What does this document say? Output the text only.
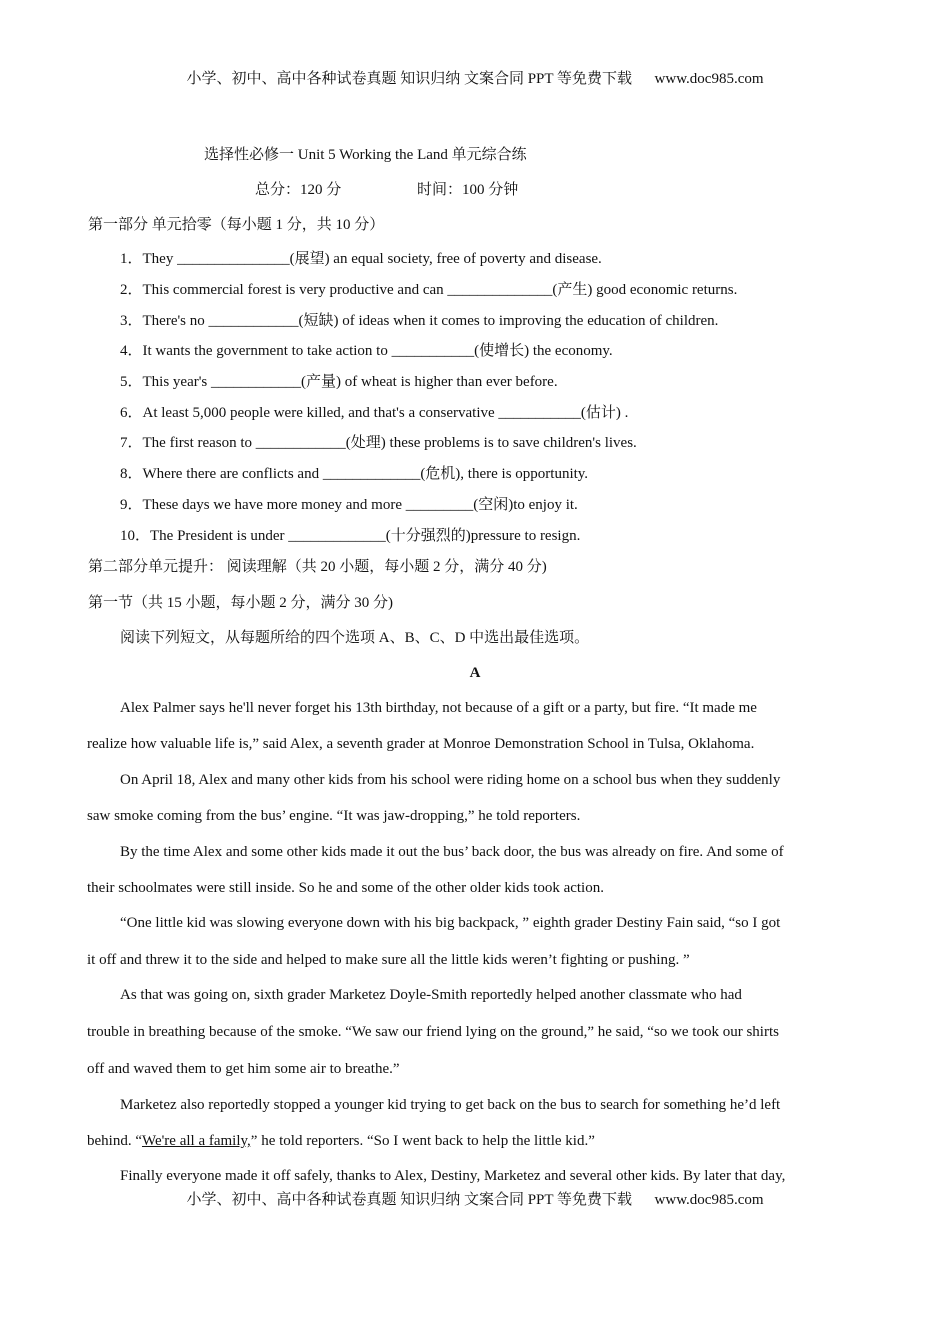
小学、初中、高中各种试卷真题 知识归纳 文案合同 PPT 等免费下载 www.doc985.com
选择性必修一 Unit 5 Working the Land 单元综合练
总分：120 分	时间：100 分钟
第一部分 单元拾零（每小题 1 分，共 10 分）
1．They _______________(展望) an equal society, free of poverty and disease.
2．This commercial forest is very productive and can ______________(产生) good economic returns.
3．There's no ____________(短缺) of ideas when it comes to improving the education of children.
4．It wants the government to take action to ___________(使增长) the economy.
5．This year's ____________(产量) of wheat is higher than ever before.
6．At least 5,000 people were killed, and that's a conservative ___________(估计) .
7．The first reason to ____________(处理) these problems is to save children's lives.
8．Where there are conflicts and _____________(危机), there is opportunity.
9．These days we have more money and more _________(空闲)to enjoy it.
10．The President is under _____________(十分强烈的)pressure to resign.
第二部分单元提升： 阅读理解（共 20 小题，每小题 2 分，满分 40 分)
第一节（共 15 小题，每小题 2 分，满分 30 分)
阅读下列短文，从每题所给的四个选项 A、B、C、D 中选出最佳选项。
A
Alex Palmer says he'll never forget his 13th birthday, not because of a gift or a party, but fire. “It made me
realize how valuable life is,” said Alex, a seventh grader at Monroe Demonstration School in Tulsa, Oklahoma.
On April 18, Alex and many other kids from his school were riding home on a school bus when they suddenly
saw smoke coming from the bus’ engine. “It was jaw-dropping,” he told reporters.
By the time Alex and some other kids made it out the bus’ back door, the bus was already on fire. And some of
their schoolmates were still inside. So he and some of the other older kids took action.
“One little kid was slowing everyone down with his big backpack, ” eighth grader Destiny Fain said, “so I got
it off and threw it to the side and helped to make sure all the little kids weren’t fighting or pushing. ”
As that was going on, sixth grader Marketez Doyle-Smith reportedly helped another classmate who had
trouble in breathing because of the smoke. “We saw our friend lying on the ground,” he said, “so we took our shirts
off and waved them to get him some air to breathe.”
Marketez also reportedly stopped a younger kid trying to get back on the bus to search for something he’d left
behind. “We're all a family,” he told reporters. “So I went back to help the little kid.”
Finally everyone made it off safely, thanks to Alex, Destiny, Marketez and several other kids. By later that day,
小学、初中、高中各种试卷真题 知识归纳 文案合同 PPT 等免费下载 www.doc985.com
